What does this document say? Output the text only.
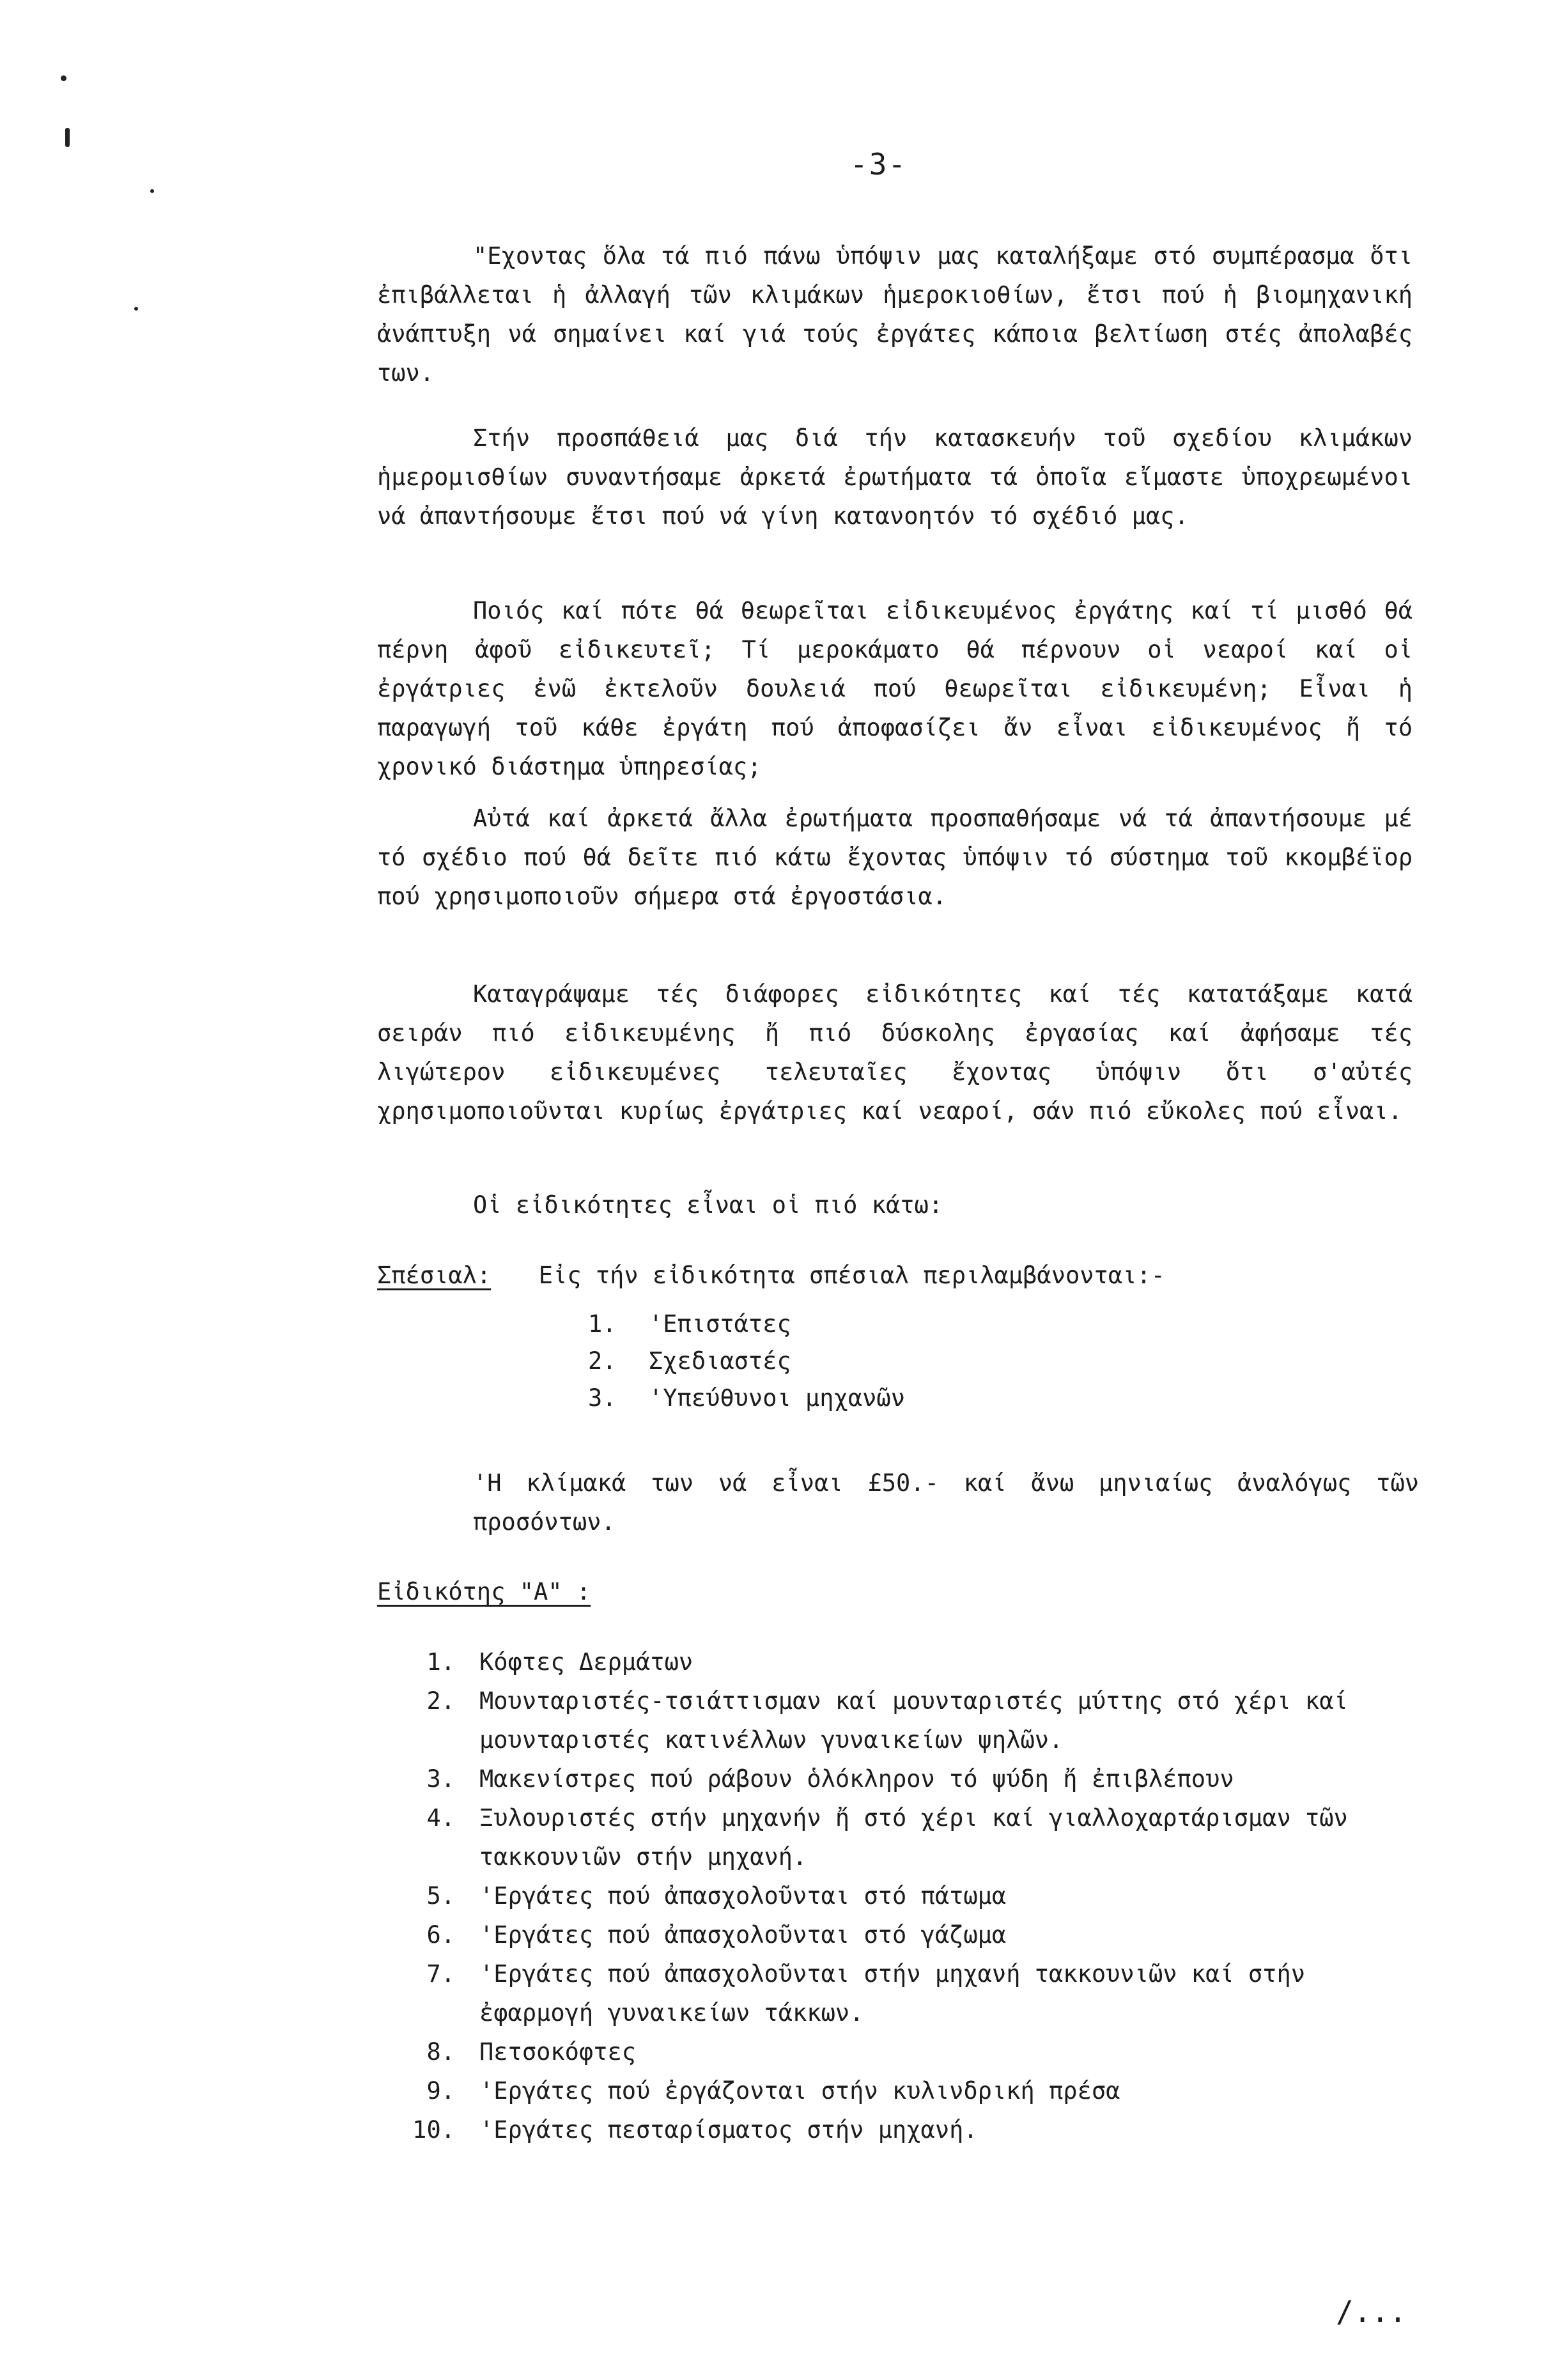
-3-

"Εχοντας ὅλα τά πιό πάνω ὑπόψιν μας καταλήξαμε στό συμπέρασμα ὅτι ἐπιβάλλεται ἡ ἀλλαγή τῶν κλιμάκων ἡμεροκιοθίων, ἔτσι πού ἡ βιομηχανική ἀνάπτυξη νά σημαίνει καί γιά τούς ἐργάτες κάποια βελτίωση στές ἀπολαβές των.

Στήν προσπάθειά μας διά τήν κατασκευήν τοῦ σχεδίου κλιμάκων ἡμερομισθίων συναντήσαμε ἀρκετά ἐρωτήματα τά ὁποῖα εἴμαστε ὑποχρεωμένοι νά ἀπαντήσουμε ἔτσι πού νά γίνη κατανοητόν τό σχέδιό μας.

Ποιός καί πότε θά θεωρεῖται εἰδικευμένος ἐργάτης καί τί μισθό θά πέρνη ἀφοῦ εἰδικευτεῖ; Τί μεροκάματο θά πέρνουν οἱ νεαροί καί οἱ ἐργάτριες ἐνῶ ἐκτελοῦν δουλειά πού θεωρεῖται εἰδικευμένη; Εἶναι ἡ παραγωγή τοῦ κάθε ἐργάτη πού ἀποφασίζει ἄν εἶναι εἰδικευμένος ἤ τό χρονικό διάστημα ὑπηρεσίας;

Αὐτά καί ἀρκετά ἄλλα ἐρωτήματα προσπαθήσαμε νά τά ἀπαντήσουμε μέ τό σχέδιο πού θά δεῖτε πιό κάτω ἔχοντας ὑπόψιν τό σύστημα τοῦ κκομβέϊορ πού χρησιμοποιοῦν σήμερα στά ἐργοστάσια.

Καταγράψαμε τές διάφορες εἰδικότητες καί τές κατατάξαμε κατά σειράν πιό εἰδικευμένης ἤ πιό δύσκολης ἐργασίας καί ἀφήσαμε τές λιγώτερον εἰδικευμένες τελευταῖες ἔχοντας ὑπόψιν ὅτι σ'αὐτές χρησιμοποιοῦνται κυρίως ἐργάτριες καί νεαροί, σάν πιό εὔκολες πού εἶναι.

Οἱ εἰδικότητες εἶναι οἱ πιό κάτω:

Σπέσιαλ: Εἰς τήν εἰδικότητα σπέσιαλ περιλαμβάνονται:-
1.	'Επιστάτες
2.	Σχεδιαστές
3.	'Υπεύθυνοι μηχανῶν

'Η κλίμακά των νά εἶναι £50.- καί ἄνω μηνιαίως ἀναλόγως τῶν προσόντων.

Εἰδικότης "Α" :
1.	Κόφτες Δερμάτων
2.	Μουνταριστές-τσιάττισμαν καί μουνταριστές μύττης στό χέρι καί μουνταριστές κατινέλλων γυναικείων ψηλῶν.
3.	Μακενίστρες πού ράβουν ὁλόκληρον τό ψύδη ἤ ἐπιβλέπουν
4.	Ξυλουριστές στήν μηχανήν ἤ στό χέρι καί γιαλλοχαρτάρισμαν τῶν τακκουνιῶν στήν μηχανή.
5.	'Εργάτες πού ἀπασχολοῦνται στό πάτωμα
6.	'Εργάτες πού ἀπασχολοῦνται στό γάζωμα
7.	'Εργάτες πού ἀπασχολοῦνται στήν μηχανή τακκουνιῶν καί στήν ἐφαρμογή γυναικείων τάκκων.
8.	Πετσοκόφτες
9.	'Εργάτες πού ἐργάζονται στήν κυλινδρική πρέσα
10.	'Εργάτες πεσταρίσματος στήν μηχανή.
/...
